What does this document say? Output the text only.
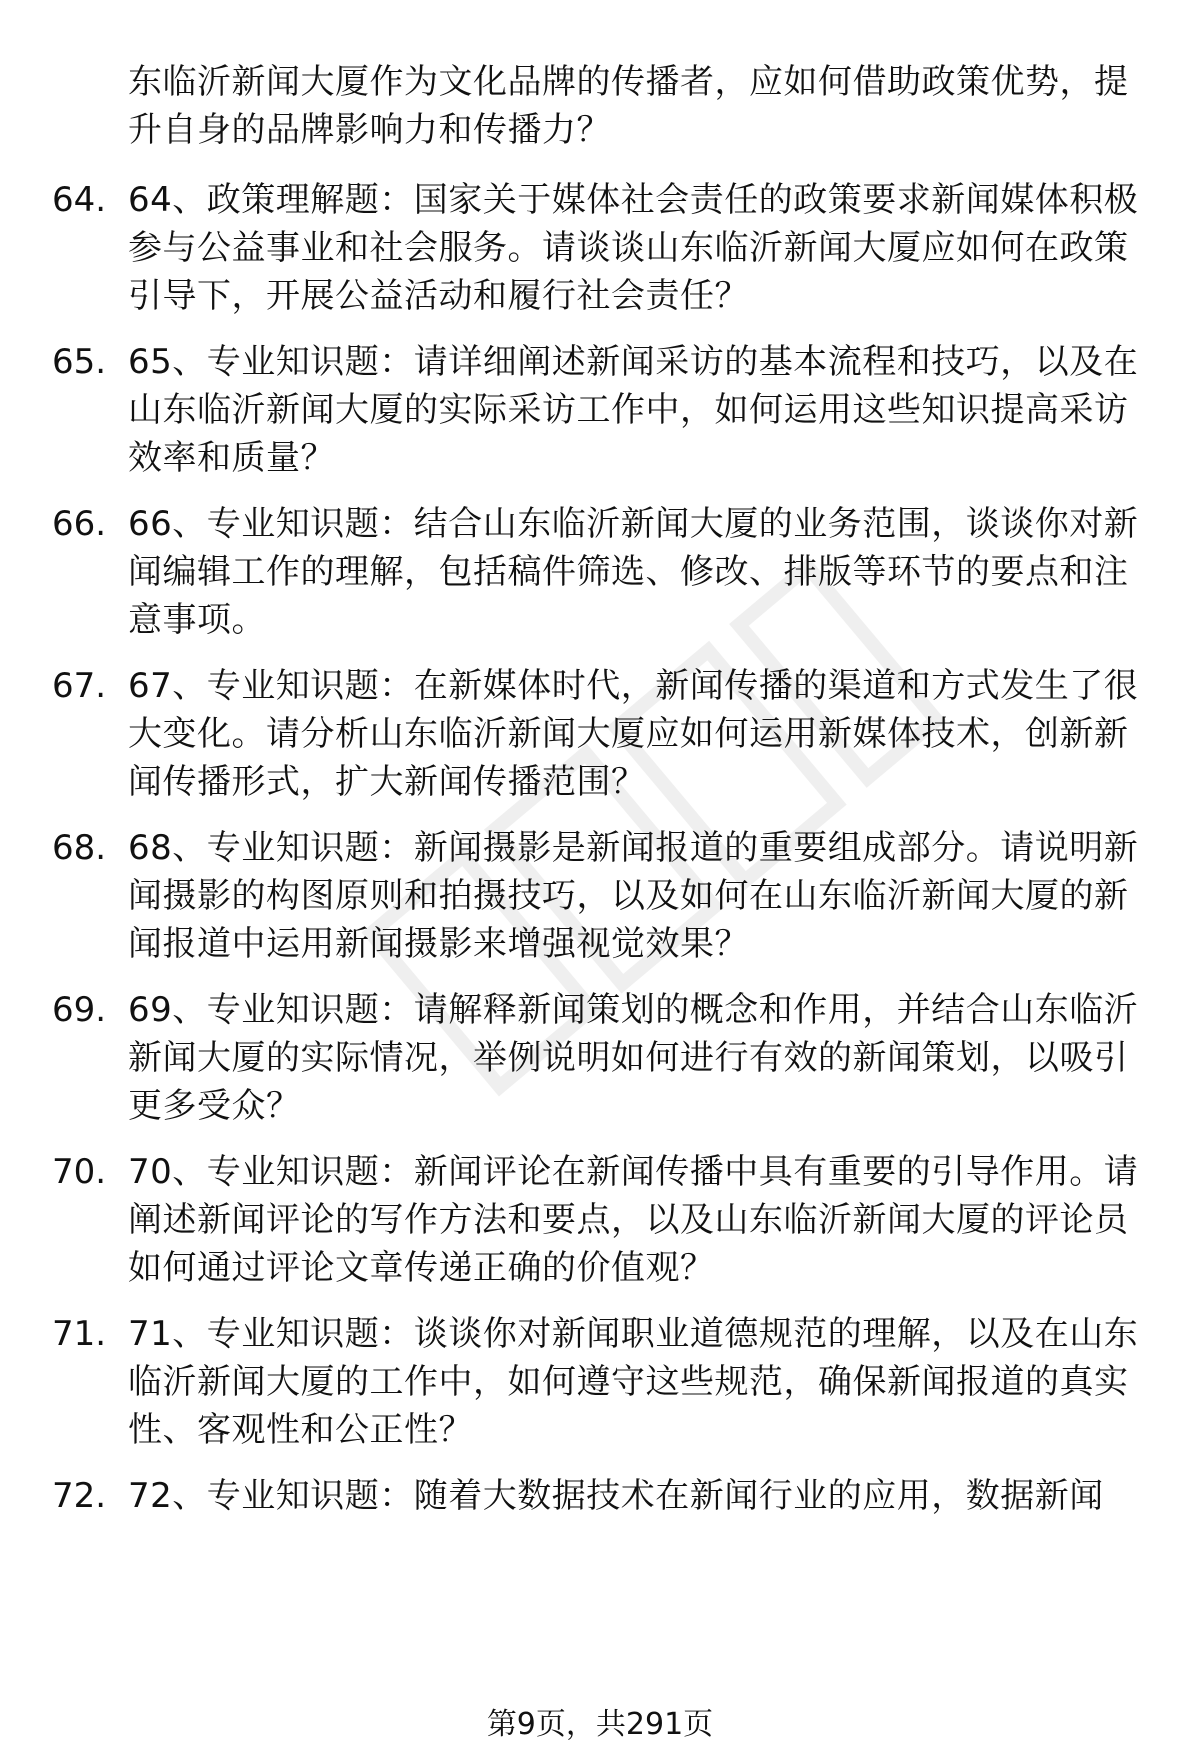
东临沂新闻大厦作为文化品牌的传播者，应如何借助政策优势，提升自身的品牌影响力和传播力？
64. 64、政策理解题：国家关于媒体社会责任的政策要求新闻媒体积极参与公益事业和社会服务。请谈谈山东临沂新闻大厦应如何在政策引导下，开展公益活动和履行社会责任？
65. 65、专业知识题：请详细阐述新闻采访的基本流程和技巧，以及在山东临沂新闻大厦的实际采访工作中，如何运用这些知识提高采访效率和质量？
66. 66、专业知识题：结合山东临沂新闻大厦的业务范围，谈谈你对新闻编辑工作的理解，包括稿件筛选、修改、排版等环节的要点和注意事项。
67. 67、专业知识题：在新媒体时代，新闻传播的渠道和方式发生了很大变化。请分析山东临沂新闻大厦应如何运用新媒体技术，创新新闻传播形式，扩大新闻传播范围？
68. 68、专业知识题：新闻摄影是新闻报道的重要组成部分。请说明新闻摄影的构图原则和拍摄技巧，以及如何在山东临沂新闻大厦的新闻报道中运用新闻摄影来增强视觉效果？
69. 69、专业知识题：请解释新闻策划的概念和作用，并结合山东临沂新闻大厦的实际情况，举例说明如何进行有效的新闻策划，以吸引更多受众？
70. 70、专业知识题：新闻评论在新闻传播中具有重要的引导作用。请阐述新闻评论的写作方法和要点，以及山东临沂新闻大厦的评论员如何通过评论文章传递正确的价值观？
71. 71、专业知识题：谈谈你对新闻职业道德规范的理解，以及在山东临沂新闻大厦的工作中，如何遵守这些规范，确保新闻报道的真实性、客观性和公正性？
72. 72、专业知识题：随着大数据技术在新闻行业的应用，数据新闻
第9页，共291页
